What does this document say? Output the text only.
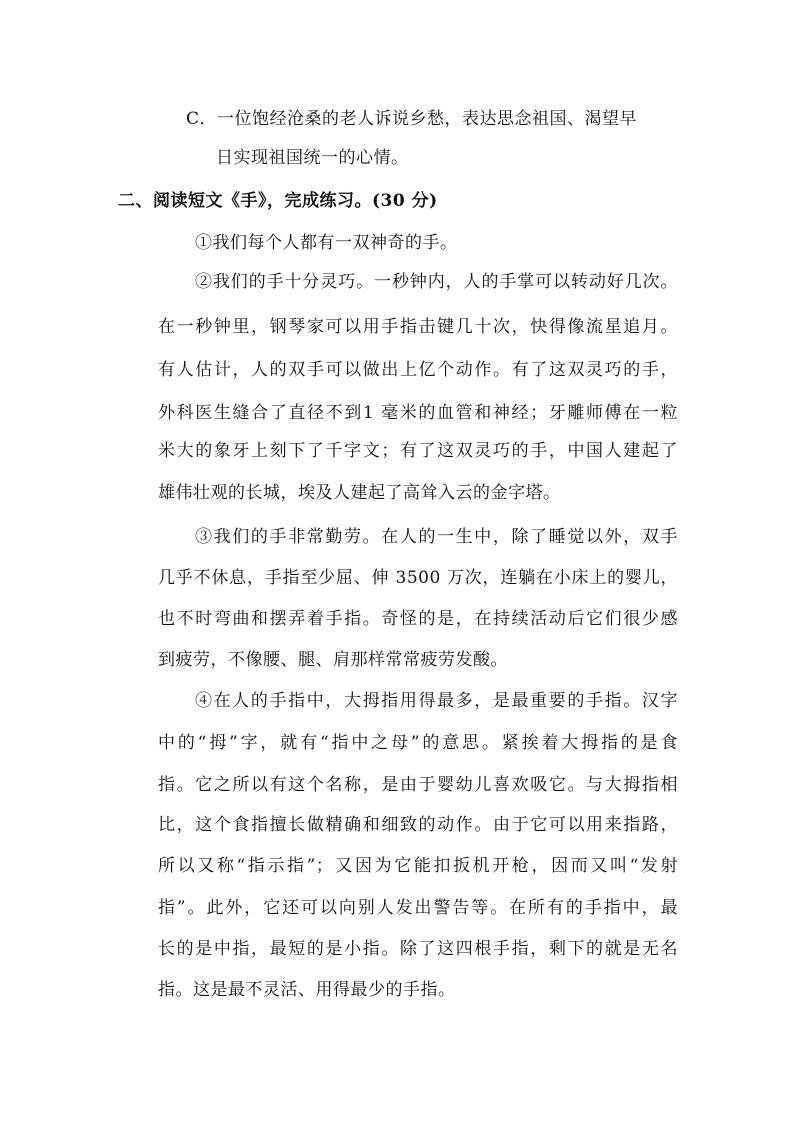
C．一位饱经沧桑的老人诉说乡愁，表达思念祖国、渴望早
日实现祖国统一的心情。
二、阅读短文《手》，完成练习。(30 分)
①我们每个人都有一双神奇的手。
②我们的手十分灵巧。一秒钟内，人的手掌可以转动好几次。
在一秒钟里，钢琴家可以用手指击键几十次，快得像流星追月。
有人估计，人的双手可以做出上亿个动作。有了这双灵巧的手，
外科医生缝合了直径不到1 毫米的血管和神经；牙雕师傅在一粒
米大的象牙上刻下了千字文；有了这双灵巧的手，中国人建起了
雄伟壮观的长城，埃及人建起了高耸入云的金字塔。
③我们的手非常勤劳。在人的一生中，除了睡觉以外，双手
几乎不休息，手指至少屈、伸 3500 万次，连躺在小床上的婴儿，
也不时弯曲和摆弄着手指。奇怪的是，在持续活动后它们很少感
到疲劳，不像腰、腿、肩那样常常疲劳发酸。
④在人的手指中，大拇指用得最多，是最重要的手指。汉字
中的“拇”字，就有“指中之母”的意思。紧挨着大拇指的是食
指。它之所以有这个名称，是由于婴幼儿喜欢吸它。与大拇指相
比，这个食指擅长做精确和细致的动作。由于它可以用来指路，
所以又称“指示指”；又因为它能扣扳机开枪，因而又叫“发射
指”。此外，它还可以向别人发出警告等。在所有的手指中，最
长的是中指，最短的是小指。除了这四根手指，剩下的就是无名
指。这是最不灵活、用得最少的手指。
